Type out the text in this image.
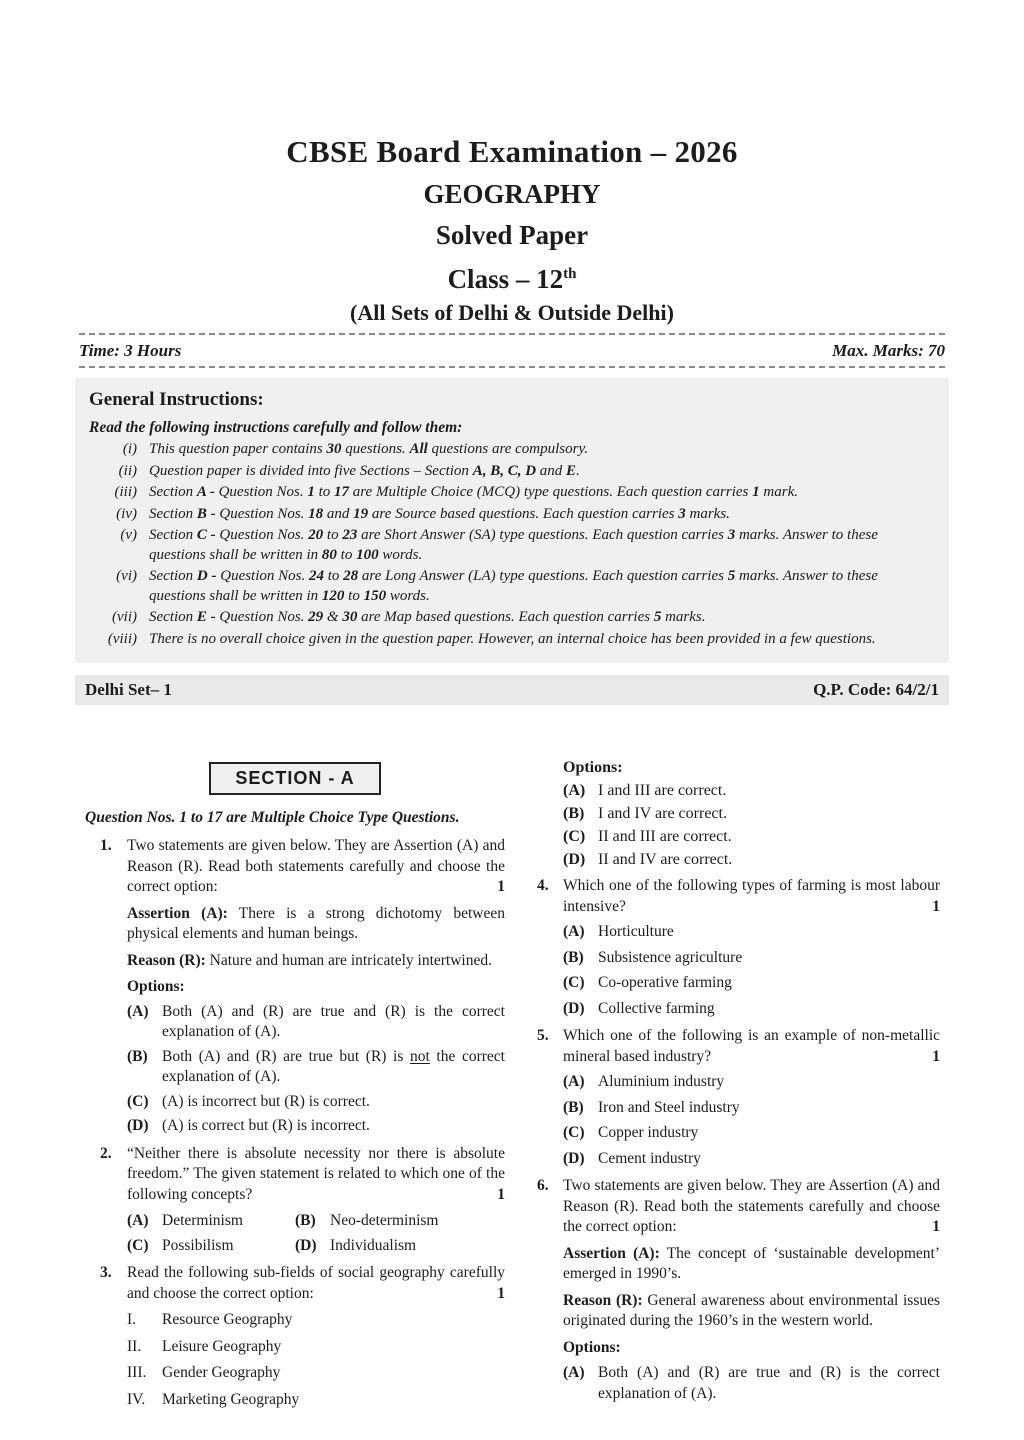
CBSE Board Examination – 2026
GEOGRAPHY
Solved Paper
Class – 12th
(All Sets of Delhi & Outside Delhi)
Time: 3 Hours	Max. Marks: 70
General Instructions:
Read the following instructions carefully and follow them:
(i) This question paper contains 30 questions. All questions are compulsory.
(ii) Question paper is divided into five Sections – Section A, B, C, D and E.
(iii) Section A - Question Nos. 1 to 17 are Multiple Choice (MCQ) type questions. Each question carries 1 mark.
(iv) Section B - Question Nos. 18 and 19 are Source based questions. Each question carries 3 marks.
(v) Section C - Question Nos. 20 to 23 are Short Answer (SA) type questions. Each question carries 3 marks. Answer to these questions shall be written in 80 to 100 words.
(vi) Section D - Question Nos. 24 to 28 are Long Answer (LA) type questions. Each question carries 5 marks. Answer to these questions shall be written in 120 to 150 words.
(vii) Section E - Question Nos. 29 & 30 are Map based questions. Each question carries 5 marks.
(viii) There is no overall choice given in the question paper. However, an internal choice has been provided in a few questions.
Delhi Set– 1	Q.P. Code: 64/2/1
SECTION - A
Question Nos. 1 to 17 are Multiple Choice Type Questions.
1. Two statements are given below. They are Assertion (A) and Reason (R). Read both statements carefully and choose the correct option:	1
Assertion (A): There is a strong dichotomy between physical elements and human beings.
Reason (R): Nature and human are intricately intertwined.
Options:
(A) Both (A) and (R) are true and (R) is the correct explanation of (A).
(B) Both (A) and (R) are true but (R) is not the correct explanation of (A).
(C) (A) is incorrect but (R) is correct.
(D) (A) is correct but (R) is incorrect.
2. “Neither there is absolute necessity nor there is absolute freedom.” The given statement is related to which one of the following concepts?	1
(A) Determinism	(B) Neo-determinism
(C) Possibilism	(D) Individualism
3. Read the following sub-fields of social geography carefully and choose the correct option:	1
I.	Resource Geography
II.	Leisure Geography
III.	Gender Geography
IV.	Marketing Geography
Options:
(A) I and III are correct.
(B) I and IV are correct.
(C) II and III are correct.
(D) II and IV are correct.
4. Which one of the following types of farming is most labour intensive?	1
(A) Horticulture
(B) Subsistence agriculture
(C) Co-operative farming
(D) Collective farming
5. Which one of the following is an example of non-metallic mineral based industry?	1
(A) Aluminium industry
(B) Iron and Steel industry
(C) Copper industry
(D) Cement industry
6. Two statements are given below. They are Assertion (A) and Reason (R). Read both the statements carefully and choose the correct option:	1
Assertion (A): The concept of ‘sustainable development’ emerged in 1990’s.
Reason (R): General awareness about environmental issues originated during the 1960’s in the western world.
Options:
(A) Both (A) and (R) are true and (R) is the correct explanation of (A).
